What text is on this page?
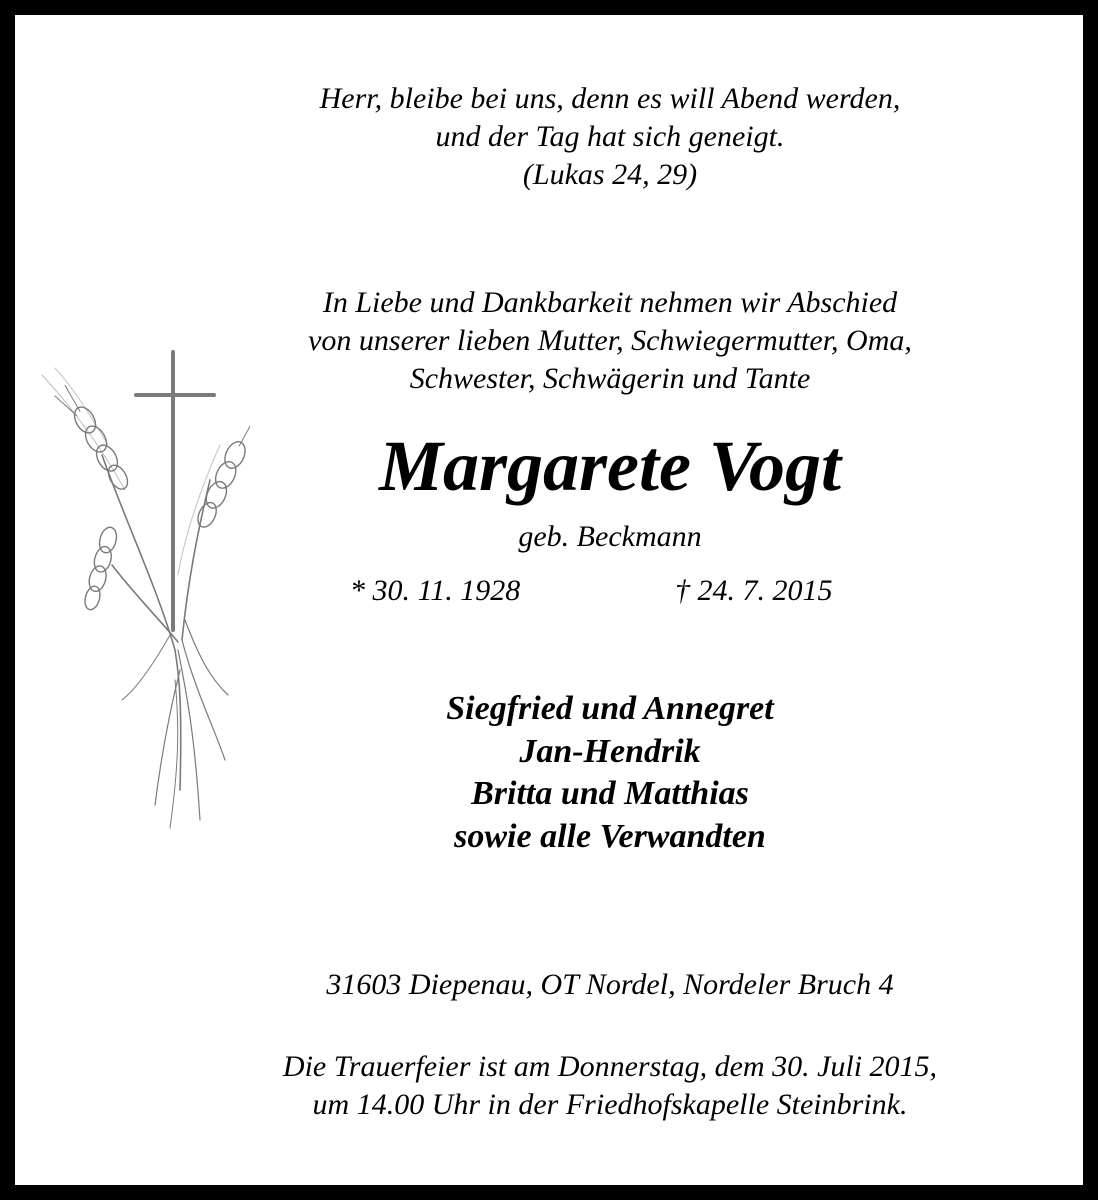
Herr, bleibe bei uns, denn es will Abend werden,
und der Tag hat sich geneigt.
(Lukas 24, 29)
In Liebe und Dankbarkeit nehmen wir Abschied
von unserer lieben Mutter, Schwiegermutter, Oma,
Schwester, Schwägerin und Tante
Margarete Vogt
geb. Beckmann
* 30. 11. 1928	† 24. 7. 2015
Siegfried und Annegret
Jan-Hendrik
Britta und Matthias
sowie alle Verwandten
31603 Diepenau, OT Nordel, Nordeler Bruch 4
Die Trauerfeier ist am Donnerstag, dem 30. Juli 2015,
um 14.00 Uhr in der Friedhofskapelle Steinbrink.
